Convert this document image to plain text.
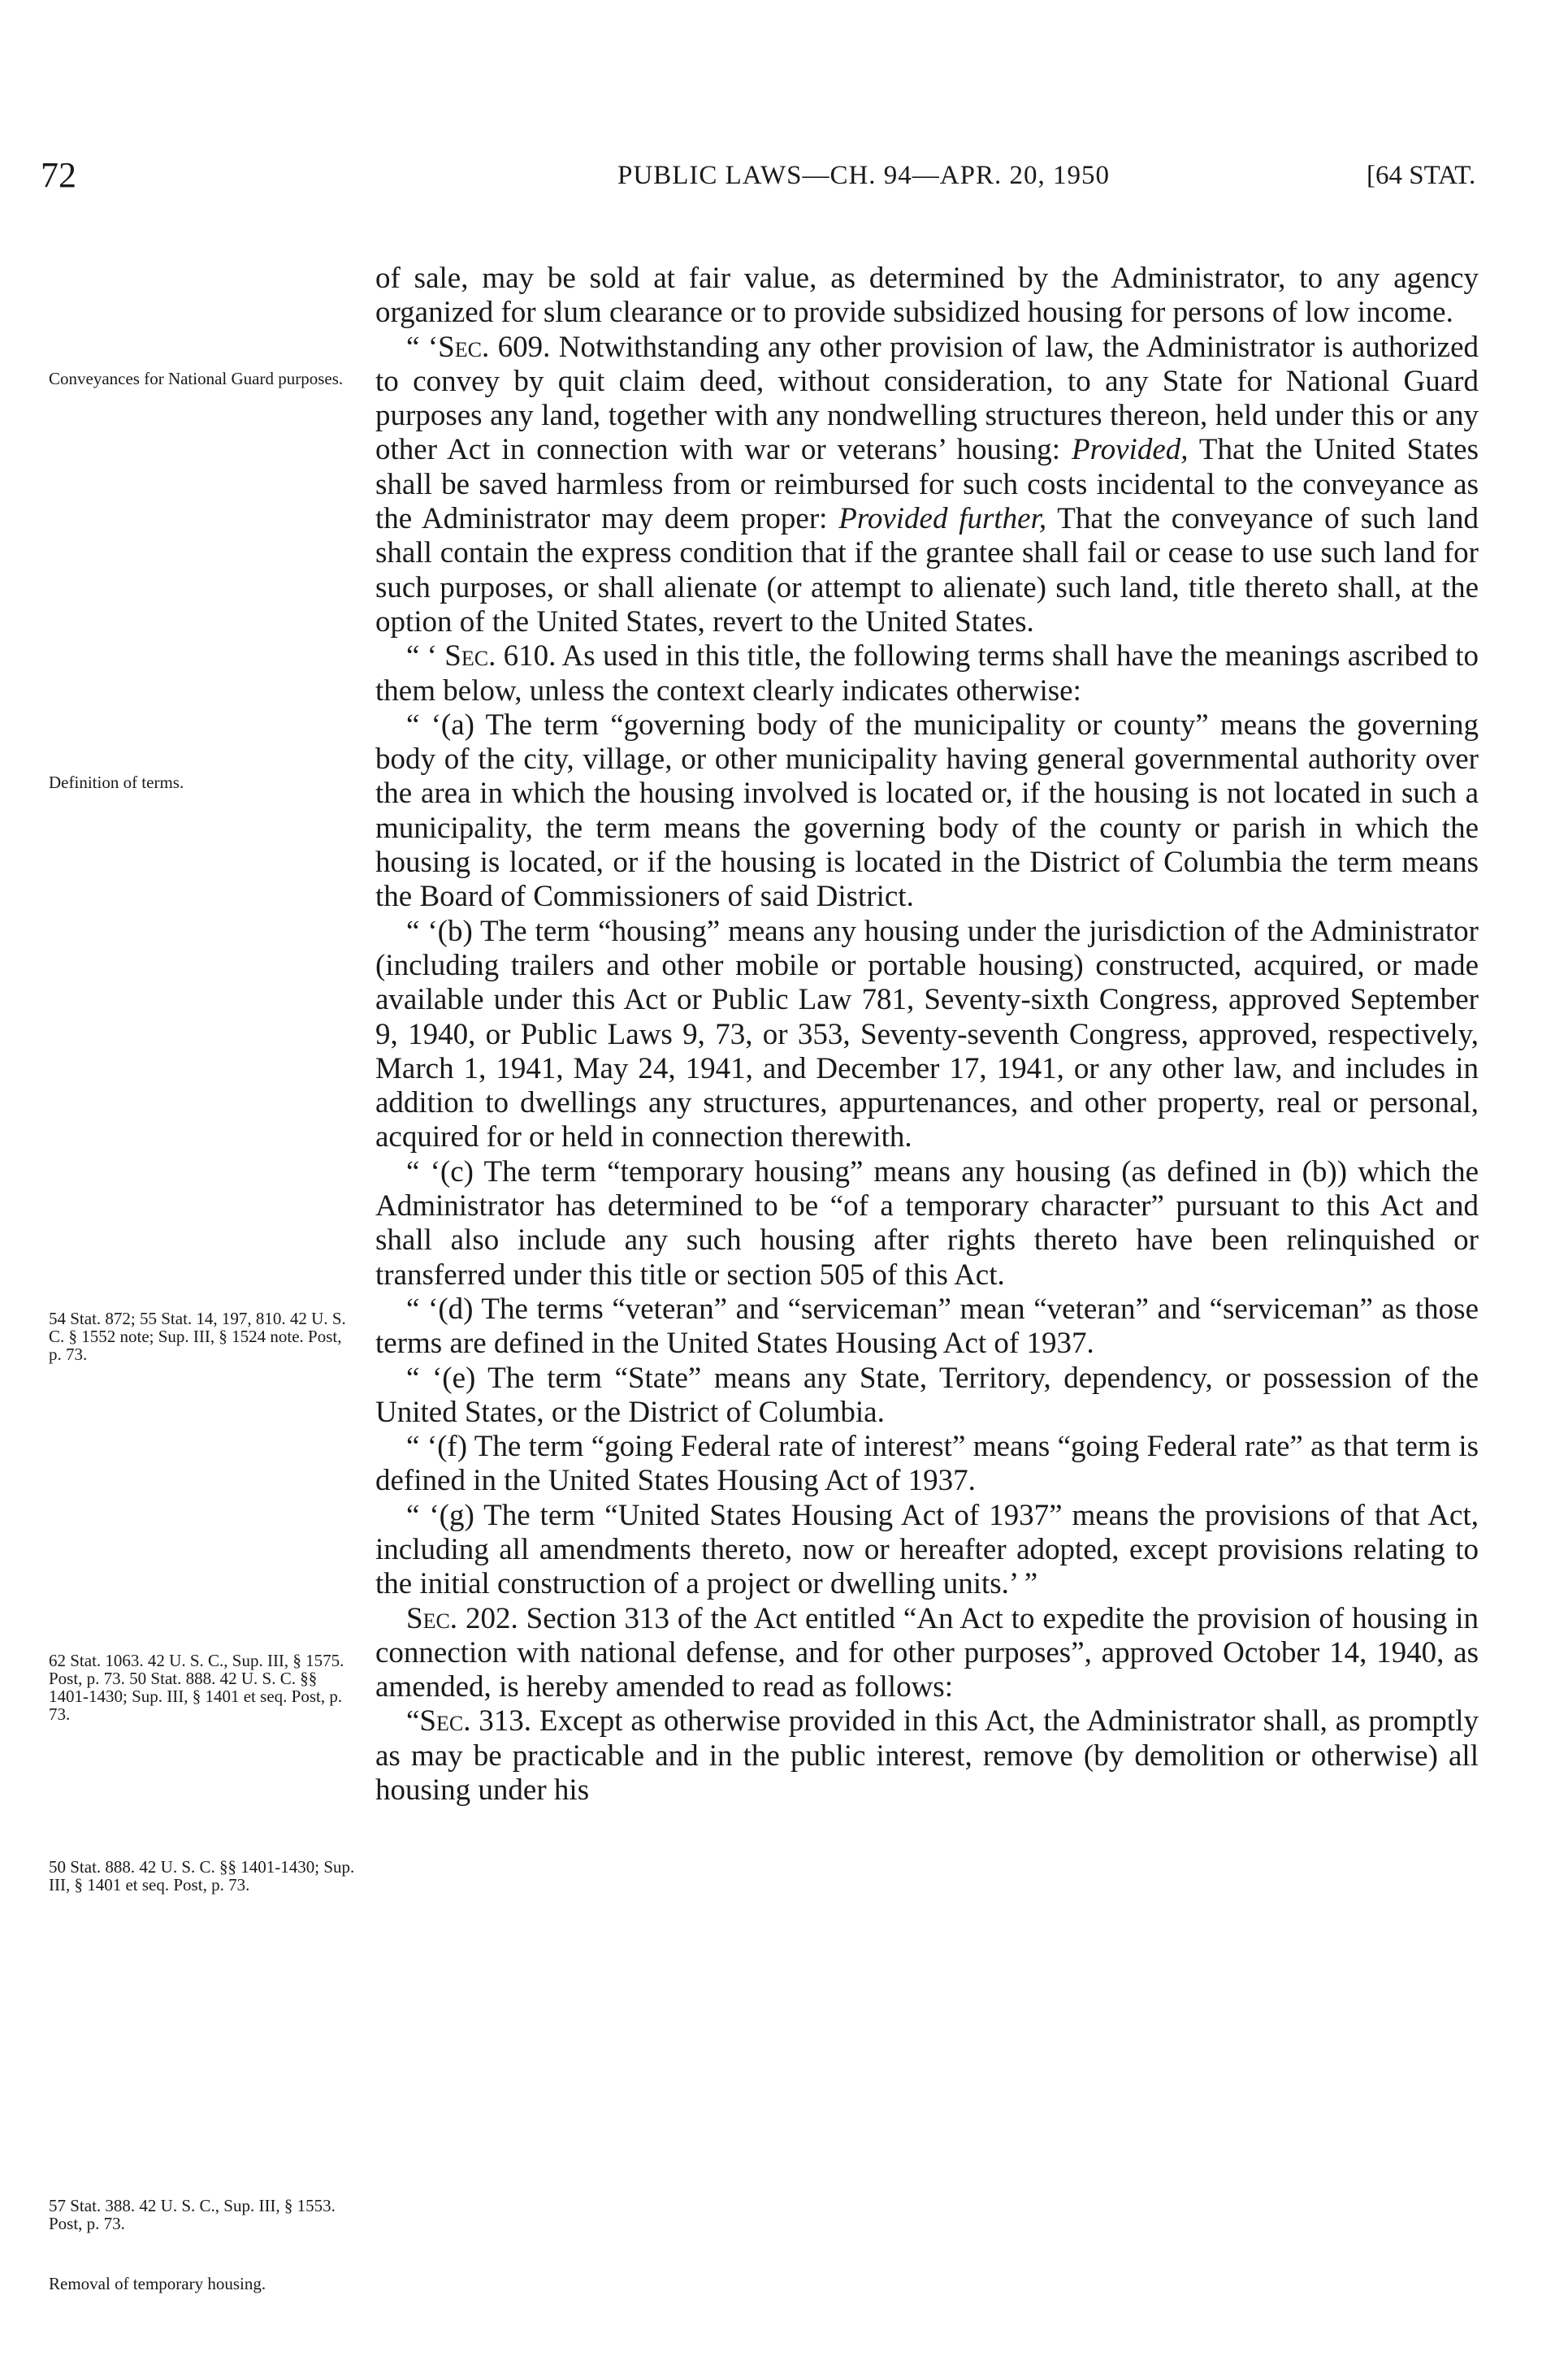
72	PUBLIC LAWS—CH. 94—APR. 20, 1950	[64 STAT.
Conveyances for National Guard purposes.
Definition of terms.
54 Stat. 872; 55 Stat. 14, 197, 810. 42 U. S. C. § 1552 note; Sup. III, § 1524 note. Post, p. 73.
62 Stat. 1063. 42 U. S. C., Sup. III, § 1575. Post, p. 73. 50 Stat. 888. 42 U. S. C. §§ 1401-1430; Sup. III, § 1401 et seq. Post, p. 73.
50 Stat. 888. 42 U. S. C. §§ 1401-1430; Sup. III, § 1401 et seq. Post, p. 73.
57 Stat. 388. 42 U. S. C., Sup. III, § 1553. Post, p. 73.
Removal of temporary housing.

of sale, may be sold at fair value, as determined by the Administrator, to any agency organized for slum clearance or to provide subsidized housing for persons of low income.

“ ‘Sec. 609. Notwithstanding any other provision of law, the Administrator is authorized to convey by quit claim deed, without consideration, to any State for National Guard purposes any land, together with any nondwelling structures thereon, held under this or any other Act in connection with war or veterans’ housing: Provided, That the United States shall be saved harmless from or reimbursed for such costs incidental to the conveyance as the Administrator may deem proper: Provided further, That the conveyance of such land shall contain the express condition that if the grantee shall fail or cease to use such land for such purposes, or shall alienate (or attempt to alienate) such land, title thereto shall, at the option of the United States, revert to the United States.

“ ‘ Sec. 610. As used in this title, the following terms shall have the meanings ascribed to them below, unless the context clearly indicates otherwise:

“ ‘(a) The term “governing body of the municipality or county” means the governing body of the city, village, or other municipality having general governmental authority over the area in which the housing involved is located or, if the housing is not located in such a municipality, the term means the governing body of the county or parish in which the housing is located, or if the housing is located in the District of Columbia the term means the Board of Commissioners of said District.

“ ‘(b) The term “housing” means any housing under the jurisdiction of the Administrator (including trailers and other mobile or portable housing) constructed, acquired, or made available under this Act or Public Law 781, Seventy-sixth Congress, approved September 9, 1940, or Public Laws 9, 73, or 353, Seventy-seventh Congress, approved, respectively, March 1, 1941, May 24, 1941, and December 17, 1941, or any other law, and includes in addition to dwellings any structures, appurtenances, and other property, real or personal, acquired for or held in connection therewith.

“ ‘(c) The term “temporary housing” means any housing (as defined in (b)) which the Administrator has determined to be “of a temporary character” pursuant to this Act and shall also include any such housing after rights thereto have been relinquished or transferred under this title or section 505 of this Act.

“ ‘(d) The terms “veteran” and “serviceman” mean “veteran” and “serviceman” as those terms are defined in the United States Housing Act of 1937.

“ ‘(e) The term “State” means any State, Territory, dependency, or possession of the United States, or the District of Columbia.

“ ‘(f) The term “going Federal rate of interest” means “going Federal rate” as that term is defined in the United States Housing Act of 1937.

“ ‘(g) The term “United States Housing Act of 1937” means the provisions of that Act, including all amendments thereto, now or hereafter adopted, except provisions relating to the initial construction of a project or dwelling units.’ ”

Sec. 202. Section 313 of the Act entitled “An Act to expedite the provision of housing in connection with national defense, and for other purposes”, approved October 14, 1940, as amended, is hereby amended to read as follows:

“Sec. 313. Except as otherwise provided in this Act, the Administrator shall, as promptly as may be practicable and in the public interest, remove (by demolition or otherwise) all housing under his
